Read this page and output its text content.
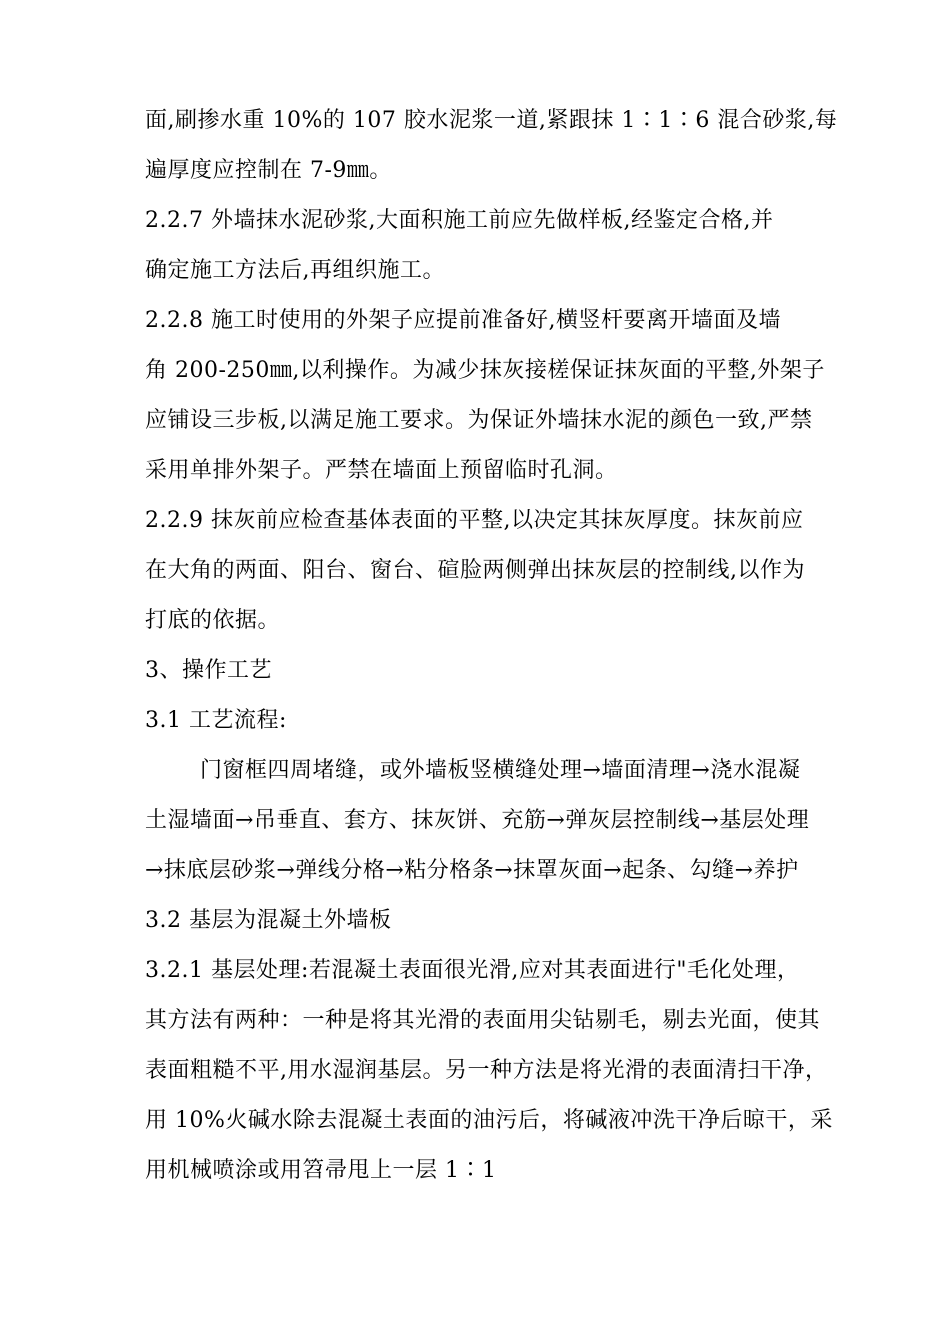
面,刷掺水重 10%的 107 胶水泥浆一道,紧跟抹 1∶1∶6 混合砂浆,每
遍厚度应控制在 7-9㎜。
2.2.7 外墙抹水泥砂浆,大面积施工前应先做样板,经鉴定合格,并
确定施工方法后,再组织施工。
2.2.8 施工时使用的外架子应提前准备好,横竖杆要离开墙面及墙
角 200-250㎜,以利操作。为减少抹灰接槎保证抹灰面的平整,外架子
应铺设三步板,以满足施工要求。为保证外墙抹水泥的颜色一致,严禁
采用单排外架子。严禁在墙面上预留临时孔洞。
2.2.9 抹灰前应检查基体表面的平整,以决定其抹灰厚度。抹灰前应
在大角的两面、阳台、窗台、碹脸两侧弹出抹灰层的控制线,以作为
打底的依据。
3、操作工艺
3.1 工艺流程:
门窗框四周堵缝，或外墙板竖横缝处理→墙面清理→浇水混凝
土湿墙面→吊垂直、套方、抹灰饼、充筋→弹灰层控制线→基层处理
→抹底层砂浆→弹线分格→粘分格条→抹罩灰面→起条、勾缝→养护
3.2 基层为混凝土外墙板
3.2.1 基层处理:若混凝土表面很光滑,应对其表面进行"毛化处理，
其方法有两种：一种是将其光滑的表面用尖钻剔毛，剔去光面，使其
表面粗糙不平,用水湿润基层。另一种方法是将光滑的表面清扫干净，
用 10%火碱水除去混凝土表面的油污后，将碱液冲洗干净后晾干，采
用机械喷涂或用笤帚甩上一层 1∶1
